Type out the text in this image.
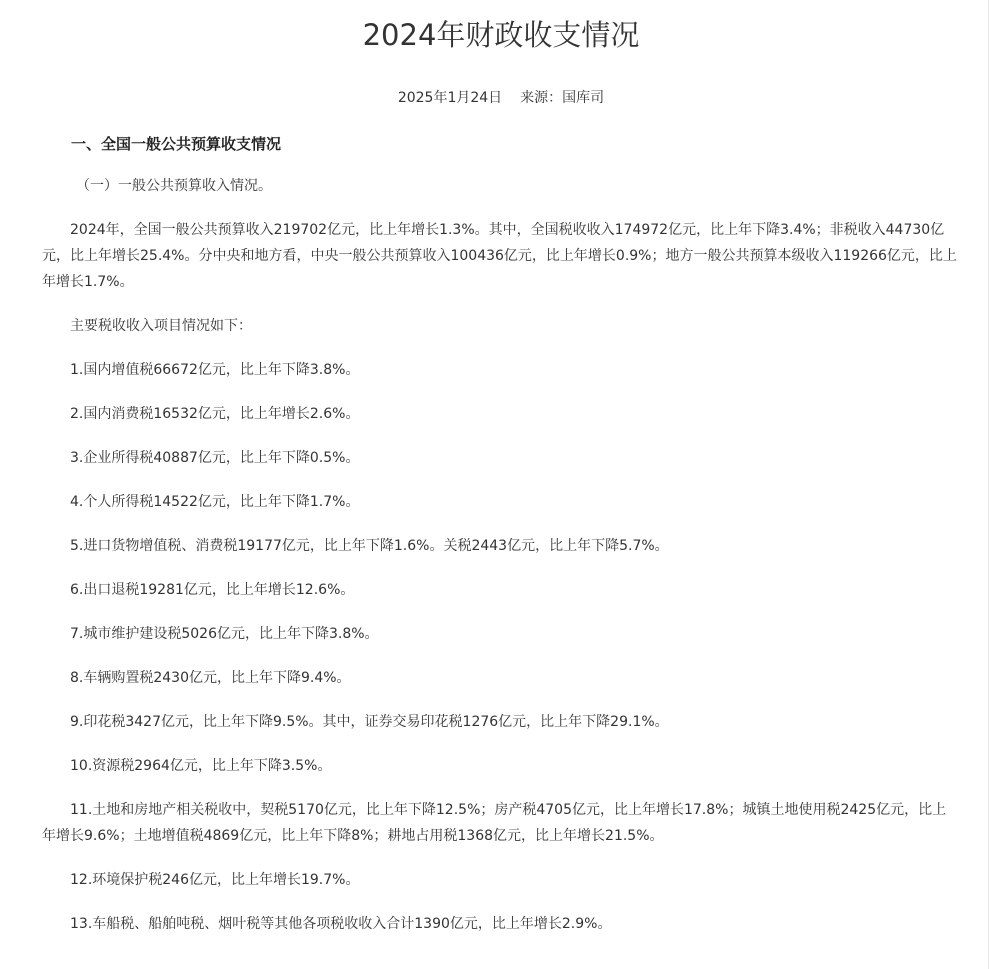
2024年财政收支情况
2025年1月24日 来源：国库司

一、全国一般公共预算收支情况

（一）一般公共预算收入情况。

2024年，全国一般公共预算收入219702亿元，比上年增长1.3%。其中，全国税收收入174972亿元，比上年下降3.4%；非税收入44730亿元，比上年增长25.4%。分中央和地方看，中央一般公共预算收入100436亿元，比上年增长0.9%；地方一般公共预算本级收入119266亿元，比上年增长1.7%。

主要税收收入项目情况如下：

1.国内增值税66672亿元，比上年下降3.8%。

2.国内消费税16532亿元，比上年增长2.6%。

3.企业所得税40887亿元，比上年下降0.5%。

4.个人所得税14522亿元，比上年下降1.7%。

5.进口货物增值税、消费税19177亿元，比上年下降1.6%。关税2443亿元，比上年下降5.7%。

6.出口退税19281亿元，比上年增长12.6%。

7.城市维护建设税5026亿元，比上年下降3.8%。

8.车辆购置税2430亿元，比上年下降9.4%。

9.印花税3427亿元，比上年下降9.5%。其中，证券交易印花税1276亿元，比上年下降29.1%。

10.资源税2964亿元，比上年下降3.5%。

11.土地和房地产相关税收中，契税5170亿元，比上年下降12.5%；房产税4705亿元，比上年增长17.8%；城镇土地使用税2425亿元，比上年增长9.6%；土地增值税4869亿元，比上年下降8%；耕地占用税1368亿元，比上年增长21.5%。

12.环境保护税246亿元，比上年增长19.7%。

13.车船税、船舶吨税、烟叶税等其他各项税收收入合计1390亿元，比上年增长2.9%。
